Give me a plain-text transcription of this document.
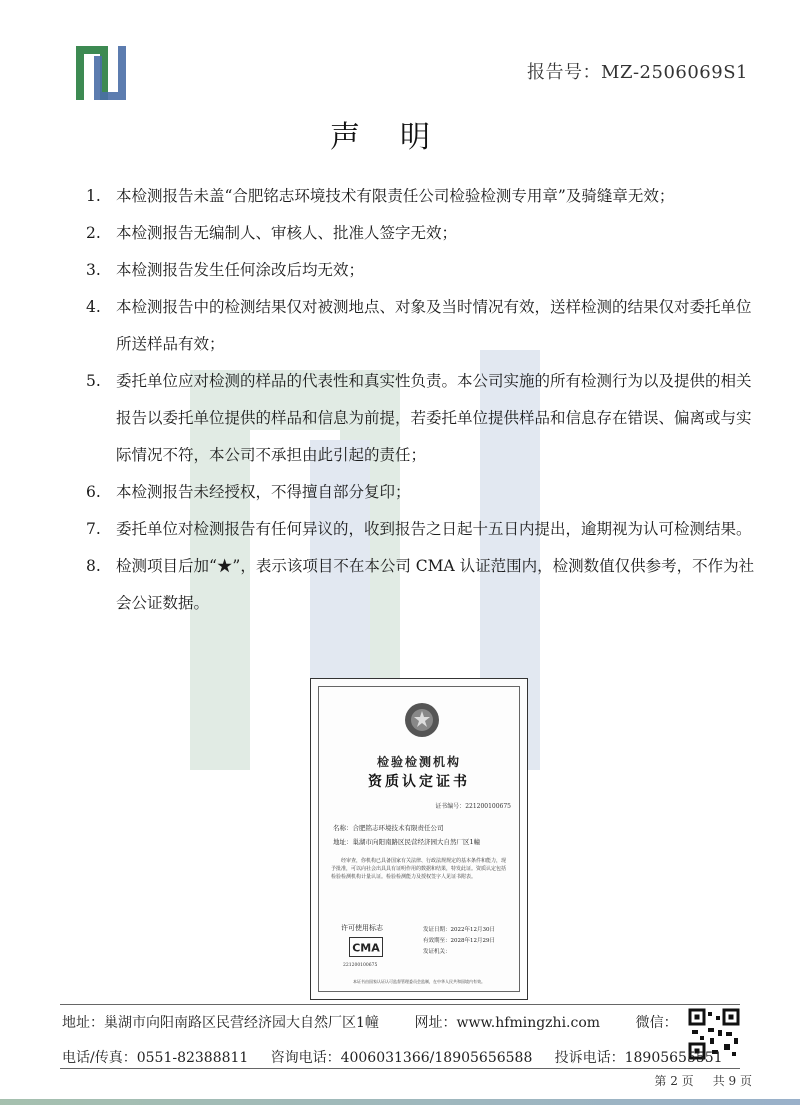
报告号：MZ-2506069S1
声明
1. 本检测报告未盖“合肥铭志环境技术有限责任公司检验检测专用章”及骑缝章无效；
2. 本检测报告无编制人、审核人、批准人签字无效；
3. 本检测报告发生任何涂改后均无效；
4. 本检测报告中的检测结果仅对被测地点、对象及当时情况有效，送样检测的结果仅对委托单位所送样品有效；
5. 委托单位应对检测的样品的代表性和真实性负责。本公司实施的所有检测行为以及提供的相关报告以委托单位提供的样品和信息为前提，若委托单位提供样品和信息存在错误、偏离或与实际情况不符，本公司不承担由此引起的责任；
6. 本检测报告未经授权，不得擅自部分复印；
7. 委托单位对检测报告有任何异议的，收到报告之日起十五日内提出，逾期视为认可检测结果。
8. 检测项目后加“★”，表示该项目不在本公司 CMA 认证范围内，检测数值仅供参考，不作为社会公证数据。
检验检测机构
资质认定证书
证书编号：221200100675
名称：合肥铭志环境技术有限责任公司
地址：巢湖市向阳南路区民营经济园大自然厂区1幢
经审查，你机构已具备国家有关法律、行政法规规定的基本条件和能力，现予批准，可以向社会出具具有证明作用的数据和结果，特发此证。资质认定包括检验检测机构计量认证。检验检测能力及授权签字人见证书附表。
许可使用标志
CMA
221200100675
发证日期：2022年12月30日
有效期至：2028年12月29日
发证机关：
本证书由国家认证认可监督管理委员会监制，在中华人民共和国境内有效。
地址：巢湖市向阳南路区民营经济园大自然厂区1幢        网址：www.hfmingzhi.com        微信：
电话/传真：0551-82388811     咨询电话：4006031366/18905656588     投诉电话：18905655551
第 2 页     共 9 页
